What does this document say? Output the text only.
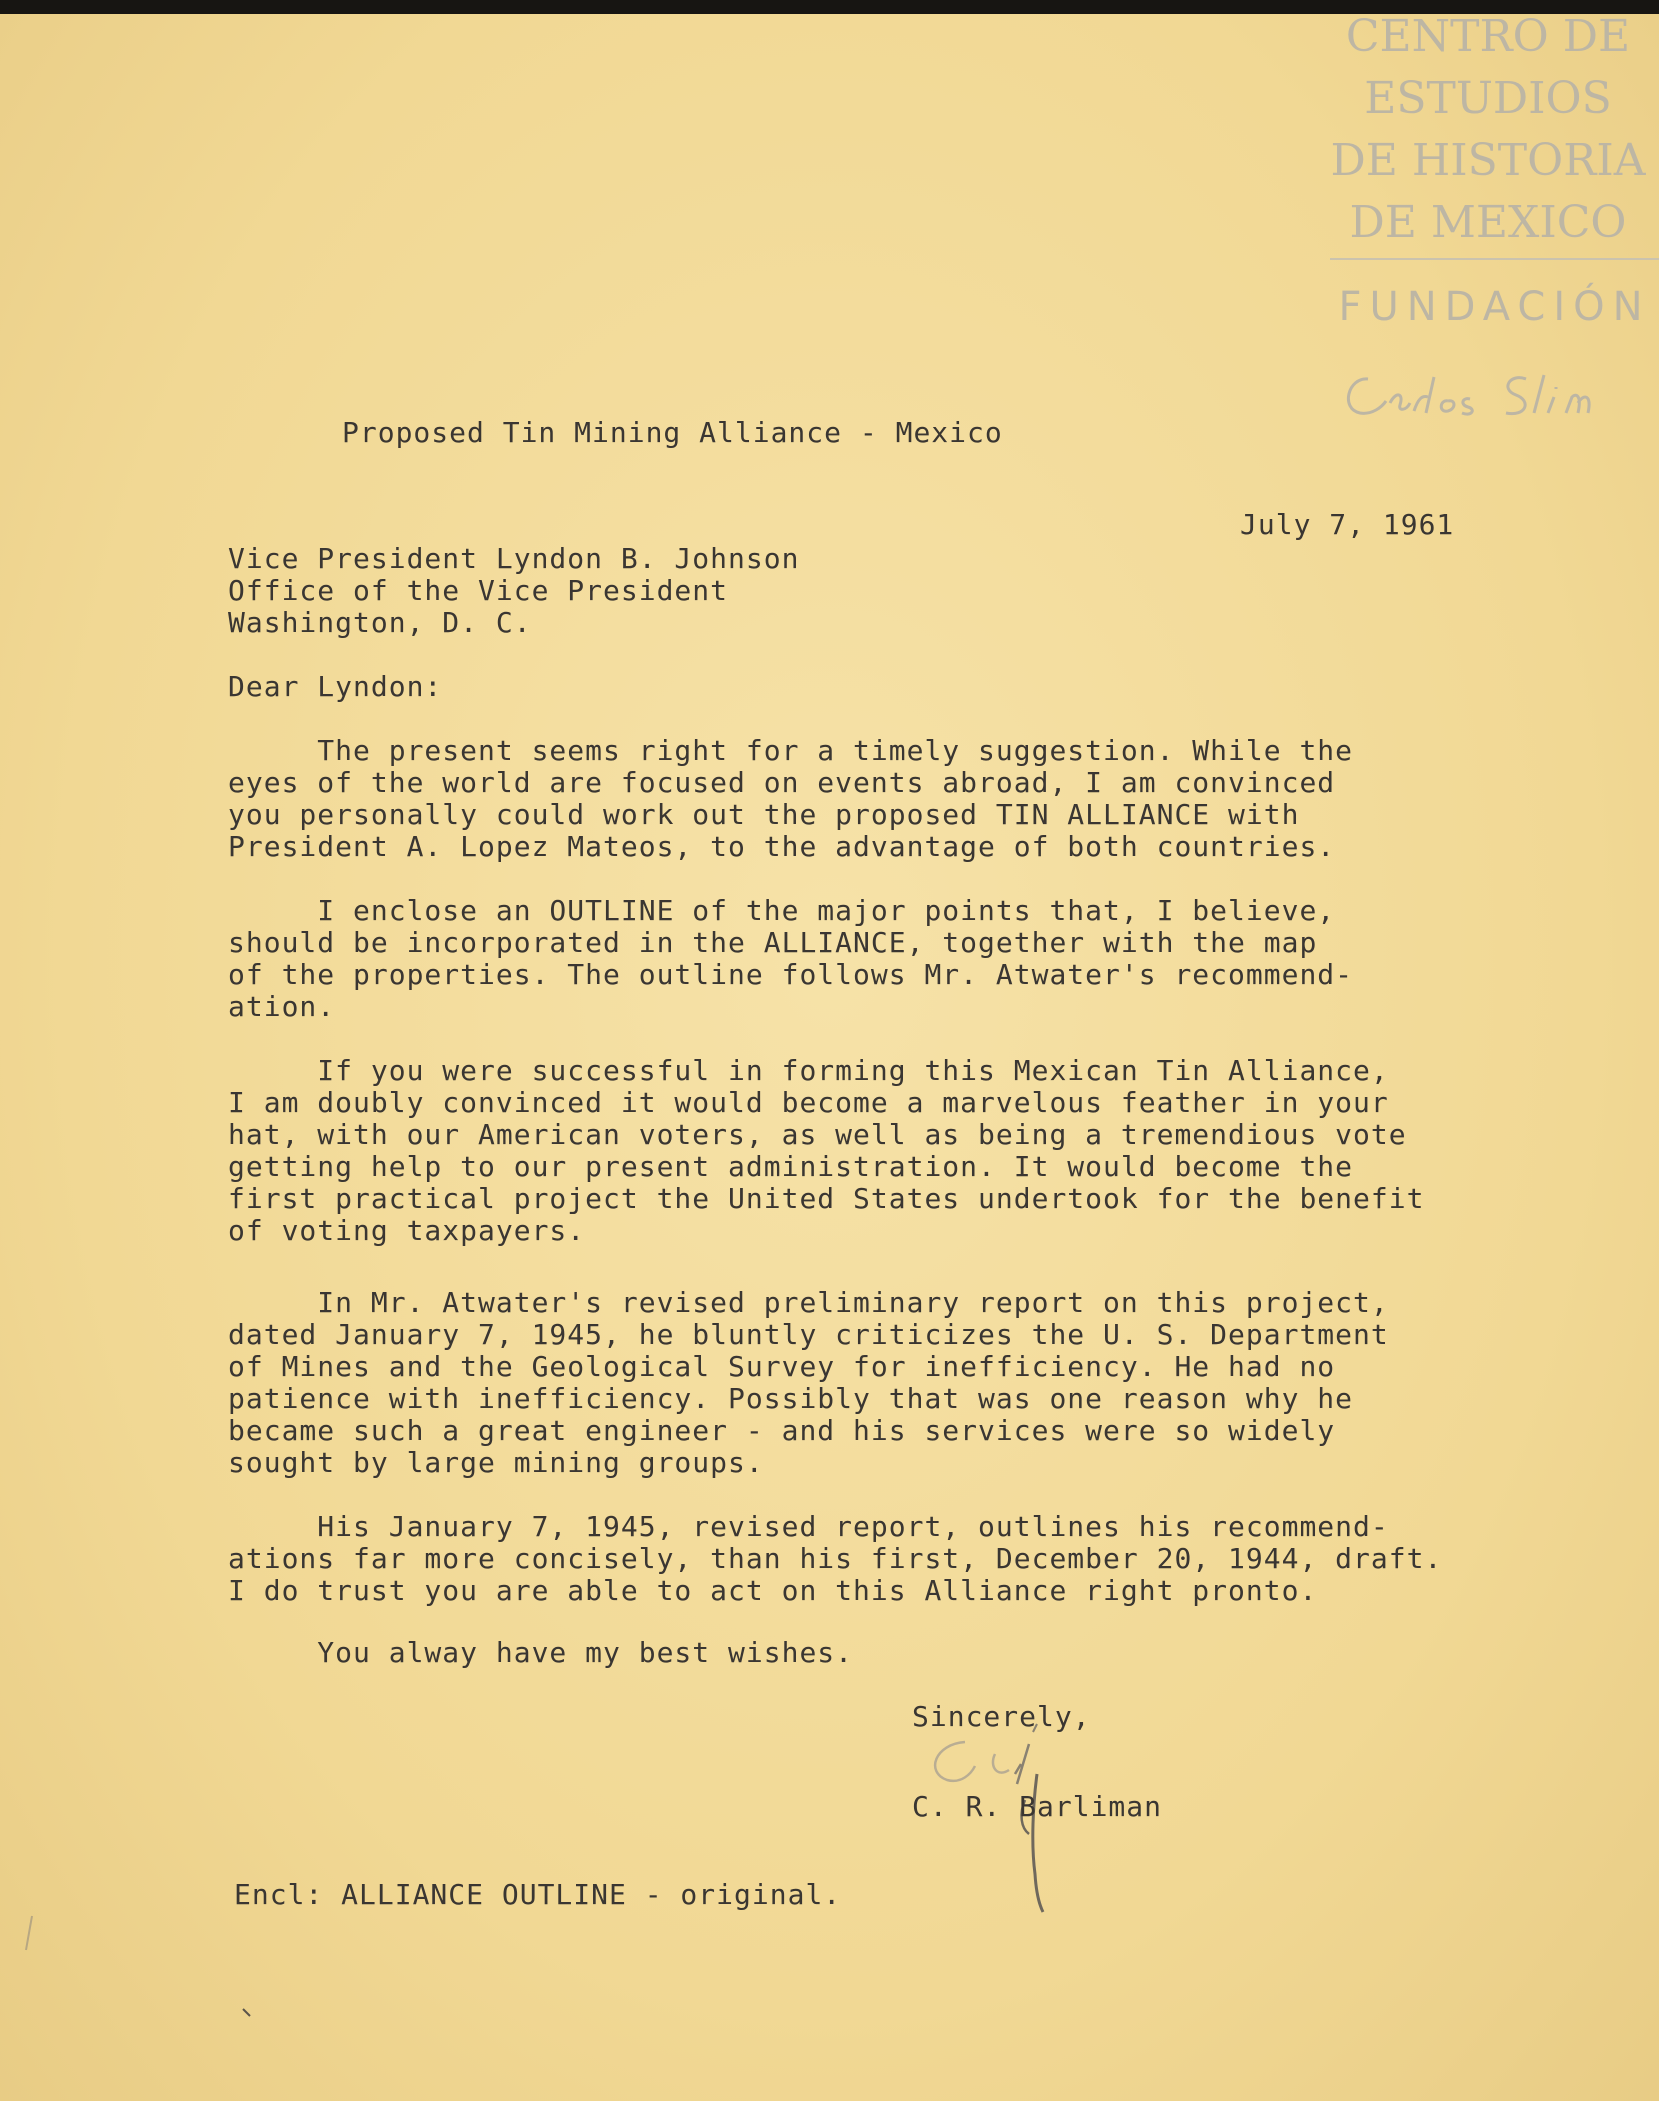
CENTRO DE
ESTUDIOS
DE HISTORIA
DE MEXICO
FUNDACIÓN

Proposed Tin Mining Alliance - Mexico

July 7, 1961

Vice President Lyndon B. Johnson

Office of the Vice President

Washington, D. C.

Dear Lyndon:

The present seems right for a timely suggestion. While the

eyes of the world are focused on events abroad, I am convinced

you personally could work out the proposed TIN ALLIANCE with

President A. Lopez Mateos, to the advantage of both countries.

I enclose an OUTLINE of the major points that, I believe,

should be incorporated in the ALLIANCE, together with the map

of the properties. The outline follows Mr. Atwater's recommend-

ation.

If you were successful in forming this Mexican Tin Alliance,

I am doubly convinced it would become a marvelous feather in your

hat, with our American voters, as well as being a tremendious vote

getting help to our present administration. It would become the

first practical project the United States undertook for the benefit

of voting taxpayers.

In Mr. Atwater's revised preliminary report on this project,

dated January 7, 1945, he bluntly criticizes the U. S. Department

of Mines and the Geological Survey for inefficiency. He had no

patience with inefficiency. Possibly that was one reason why he

became such a great engineer - and his services were so widely

sought by large mining groups.

His January 7, 1945, revised report, outlines his recommend-

ations far more concisely, than his first, December 20, 1944, draft.

I do trust you are able to act on this Alliance right pronto.

You alway have my best wishes.

Sincerely,

C. R. Barliman

Encl: ALLIANCE OUTLINE - original.
